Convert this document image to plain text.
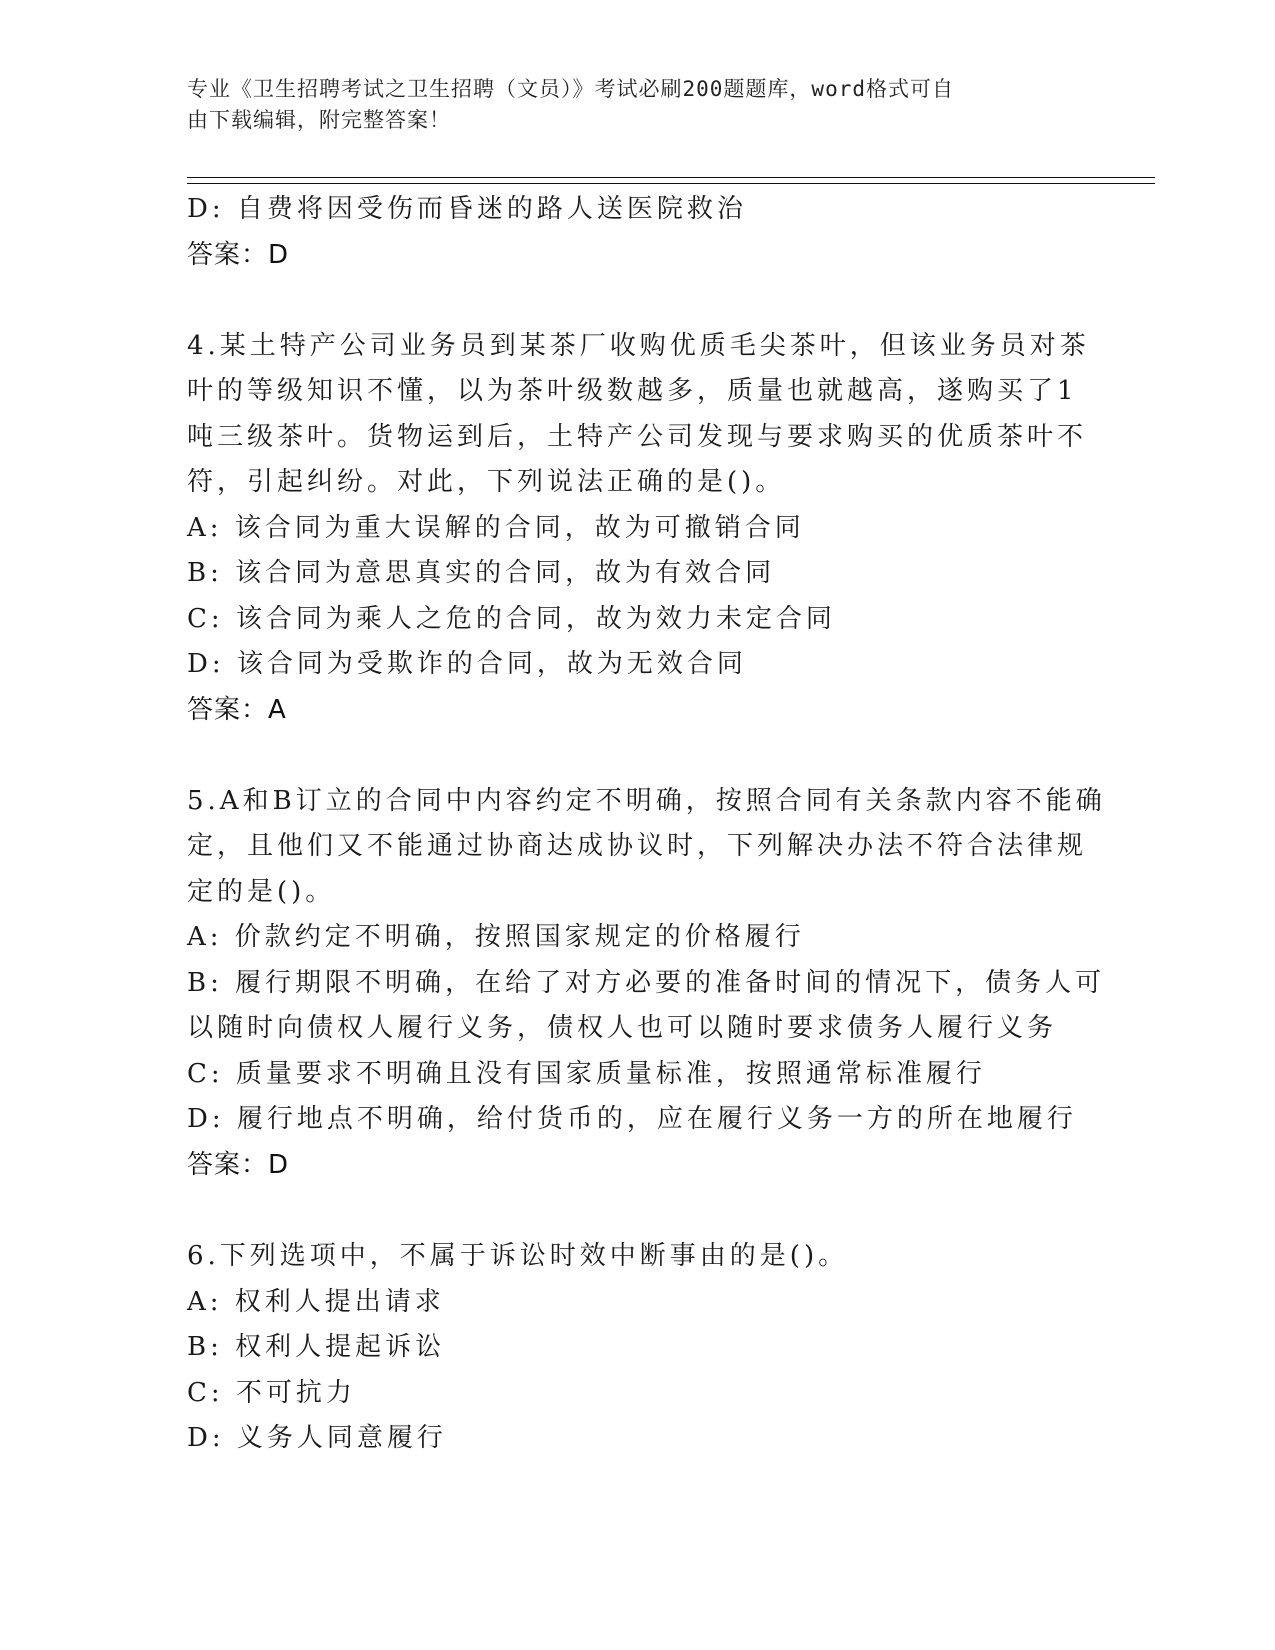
专业《卫生招聘考试之卫生招聘（文员）》考试必刷200题题库，word格式可自
由下载编辑，附完整答案！
D: 自费将因受伤而昏迷的路人送医院救治
答案：D
4.某土特产公司业务员到某茶厂收购优质毛尖茶叶，但该业务员对茶
叶的等级知识不懂，以为茶叶级数越多，质量也就越高，遂购买了1
吨三级茶叶。货物运到后，土特产公司发现与要求购买的优质茶叶不
符，引起纠纷。对此，下列说法正确的是()。
A: 该合同为重大误解的合同，故为可撤销合同
B: 该合同为意思真实的合同，故为有效合同
C: 该合同为乘人之危的合同，故为效力未定合同
D: 该合同为受欺诈的合同，故为无效合同
答案：A
5.A和B订立的合同中内容约定不明确，按照合同有关条款内容不能确
定，且他们又不能通过协商达成协议时，下列解决办法不符合法律规
定的是()。
A: 价款约定不明确，按照国家规定的价格履行
B: 履行期限不明确，在给了对方必要的准备时间的情况下，债务人可
以随时向债权人履行义务，债权人也可以随时要求债务人履行义务
C: 质量要求不明确且没有国家质量标准，按照通常标准履行
D: 履行地点不明确，给付货币的，应在履行义务一方的所在地履行
答案：D
6.下列选项中，不属于诉讼时效中断事由的是()。
A: 权利人提出请求
B: 权利人提起诉讼
C: 不可抗力
D: 义务人同意履行
